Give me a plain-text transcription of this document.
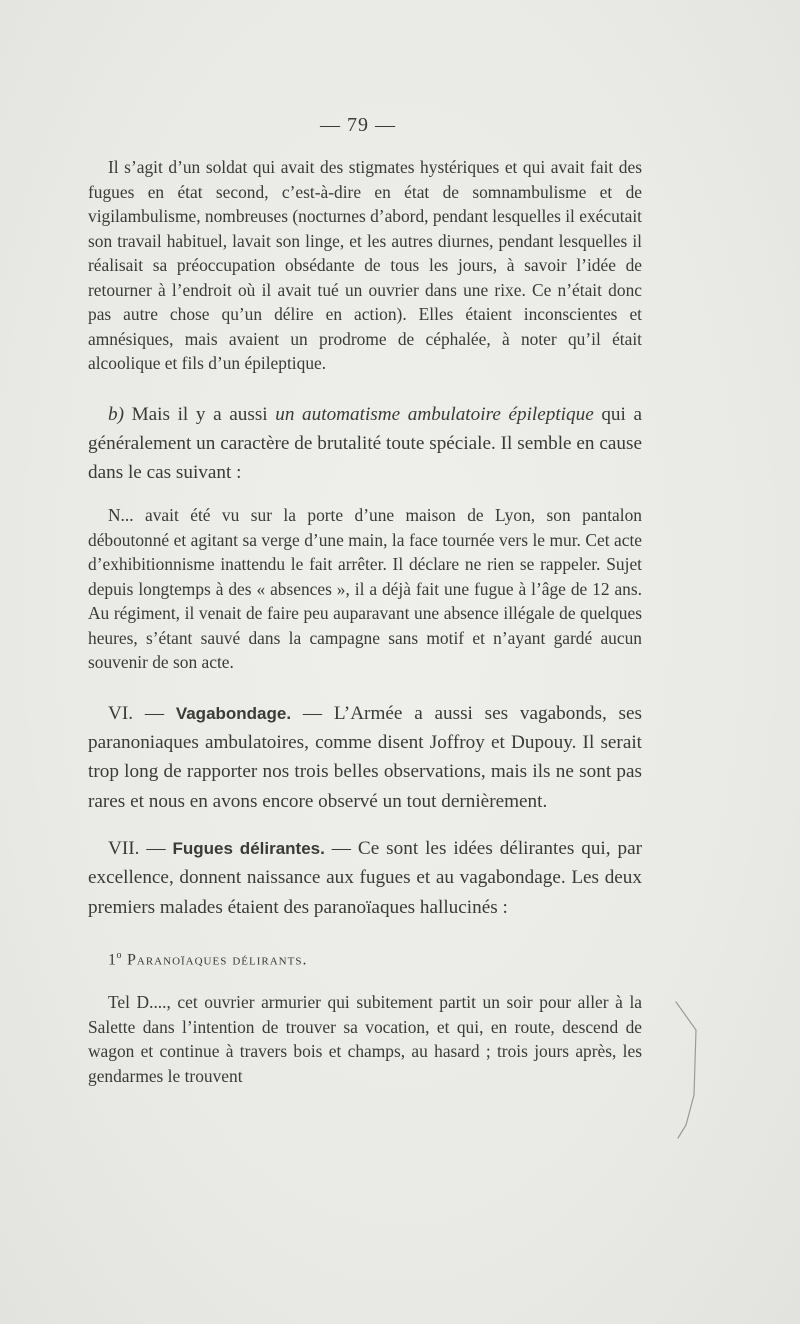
— 79 —

Il s’agit d’un soldat qui avait des stigmates hystériques et qui avait fait des fugues en état second, c’est-à-dire en état de somnambulisme et de vigilambulisme, nombreuses (nocturnes d’abord, pendant lesquelles il exécutait son travail habituel, lavait son linge, et les autres diurnes, pendant lesquelles il réalisait sa préoccupation obsédante de tous les jours, à savoir l’idée de retourner à l’endroit où il avait tué un ouvrier dans une rixe. Ce n’était donc pas autre chose qu’un délire en action). Elles étaient inconscientes et amnésiques, mais avaient un prodrome de céphalée, à noter qu’il était alcoolique et fils d’un épileptique.

b) Mais il y a aussi un automatisme ambulatoire épileptique qui a généralement un caractère de brutalité toute spéciale. Il semble en cause dans le cas suivant :

N... avait été vu sur la porte d’une maison de Lyon, son pantalon déboutonné et agitant sa verge d’une main, la face tournée vers le mur. Cet acte d’exhibitionnisme inattendu le fait arrêter. Il déclare ne rien se rappeler. Sujet depuis longtemps à des « absences », il a déjà fait une fugue à l’âge de 12 ans. Au régiment, il venait de faire peu auparavant une absence illégale de quelques heures, s’étant sauvé dans la campagne sans motif et n’ayant gardé aucun souvenir de son acte.

VI. — Vagabondage. — L’Armée a aussi ses vagabonds, ses paranoniaques ambulatoires, comme disent Joffroy et Dupouy. Il serait trop long de rapporter nos trois belles observations, mais ils ne sont pas rares et nous en avons encore observé un tout dernièrement.

VII. — Fugues délirantes. — Ce sont les idées délirantes qui, par excellence, donnent naissance aux fugues et au vagabondage. Les deux premiers malades étaient des paranoïaques hallucinés :

1$^o$ Paranoïaques délirants.

Tel D...., cet ouvrier armurier qui subitement partit un soir pour aller à la Salette dans l’intention de trouver sa vocation, et qui, en route, descend de wagon et continue à travers bois et champs, au hasard ; trois jours après, les gendarmes le trouvent
